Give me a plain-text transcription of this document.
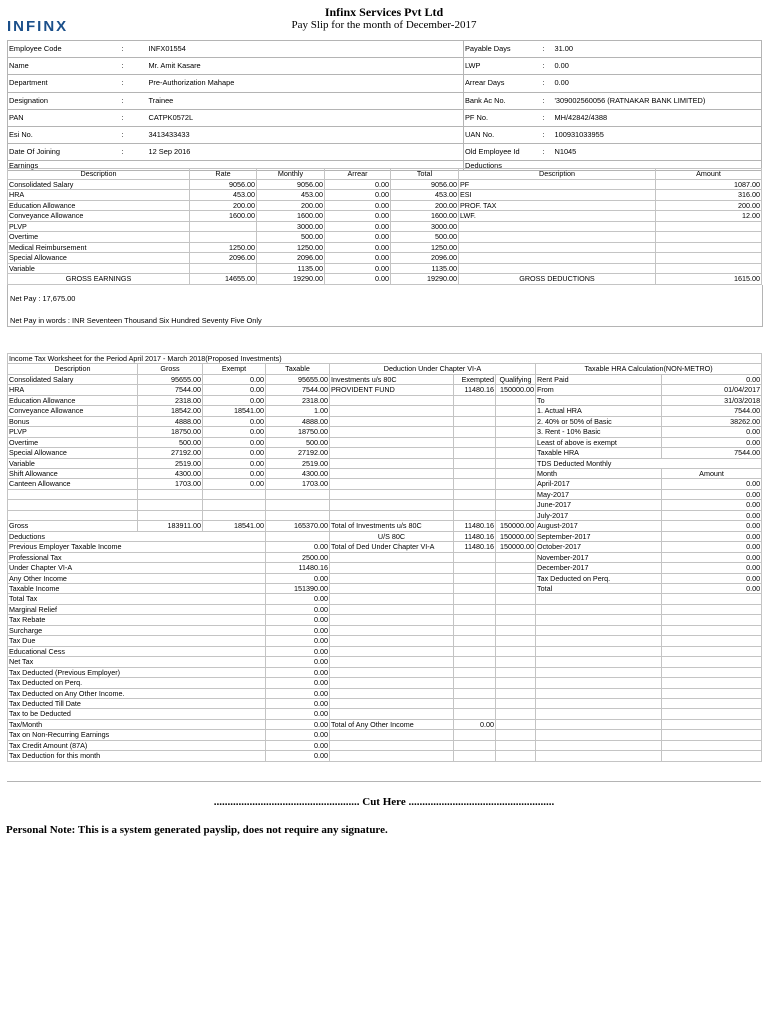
INFINX
Infinx Services Pvt Ltd
Pay Slip for the month of December-2017
Employee Code	:	INFX01554	Payable Days	:	31.00
Name	:	Mr. Amit Kasare	LWP	:	0.00
Department	:	Pre-Authorization Mahape	Arrear Days	:	0.00
Designation	:	Trainee	Bank Ac No.	:	'309002560056 (RATNAKAR BANK LIMITED)
PAN	:	CATPK0572L	PF No.	:	MH/42842/4388
Esi No.	:	3413433433	UAN No.	:	100931033955
Date Of Joining	:	12 Sep 2016	Old Employee Id	:	N1045
Earnings			Deductions		
Description	Rate	Monthly	Arrear	Total	Description	Amount
Consolidated Salary	9056.00	9056.00	0.00	9056.00	PF	1087.00
HRA	453.00	453.00	0.00	453.00	ESI	316.00
Education Allowance	200.00	200.00	0.00	200.00	PROF. TAX	200.00
Conveyance Allowance	1600.00	1600.00	0.00	1600.00	LWF.	12.00
PLVP		3000.00	0.00	3000.00		
Overtime		500.00	0.00	500.00		
Medical Reimbursement	1250.00	1250.00	0.00	1250.00		
Special Allowance	2096.00	2096.00	0.00	2096.00		
Variable		1135.00	0.00	1135.00		
GROSS EARNINGS	14655.00	19290.00	0.00	19290.00	GROSS DEDUCTIONS	1615.00
Net Pay : 17,675.00
Net Pay in words : INR Seventeen Thousand Six Hundred Seventy Five Only
Income Tax Worksheet for the Period April 2017 - March 2018(Proposed Investments)								
Description	Gross	Exempt	Taxable	Deduction Under Chapter VI-A			Taxable HRA Calculation(NON-METRO)	
Consolidated Salary	95655.00	0.00	95655.00	Investments u/s 80C	Exempted	Qualifying	Rent Paid	0.00
HRA	7544.00	0.00	7544.00	PROVIDENT FUND	11480.16	150000.00	From	01/04/2017
Education Allowance	2318.00	0.00	2318.00				To	31/03/2018
Conveyance Allowance	18542.00	18541.00	1.00				1. Actual HRA	7544.00
Bonus	4888.00	0.00	4888.00				2. 40% or 50% of Basic	38262.00
PLVP	18750.00	0.00	18750.00				3. Rent - 10% Basic	0.00
Overtime	500.00	0.00	500.00				Least of above is exempt	0.00
Special Allowance	27192.00	0.00	27192.00				Taxable HRA	7544.00
Variable	2519.00	0.00	2519.00				TDS Deducted Monthly	
Shift Allowance	4300.00	0.00	4300.00				Month	Amount
Canteen Allowance	1703.00	0.00	1703.00				April-2017	0.00
							May-2017	0.00
							June-2017	0.00
							July-2017	0.00
Gross	183911.00	18541.00	165370.00	Total of Investments u/s 80C	11480.16	150000.00	August-2017	0.00
Deductions				U/S 80C	11480.16	150000.00	September-2017	0.00
Previous Employer Taxable Income			0.00	Total of Ded Under Chapter VI-A	11480.16	150000.00	October-2017	0.00
Professional Tax			2500.00				November-2017	0.00
Under Chapter VI-A			11480.16				December-2017	0.00
Any Other Income			0.00				Tax Deducted on Perq.	0.00
Taxable Income			151390.00				Total	0.00
Total Tax			0.00					
Marginal Relief			0.00					
Tax Rebate			0.00					
Surcharge			0.00					
Tax Due			0.00					
Educational Cess			0.00					
Net Tax			0.00					
Tax Deducted (Previous Employer)			0.00					
Tax Deducted on Perq.			0.00					
Tax Deducted on Any Other Income.			0.00					
Tax Deducted Till Date			0.00					
Tax to be Deducted			0.00					
Tax/Month			0.00	Total of Any Other Income	0.00			
Tax on Non-Recurring Earnings			0.00					
Tax Credit Amount (87A)			0.00					
Tax Deduction for this month			0.00					
..................................................... Cut Here .....................................................
Personal Note: This is a system generated payslip, does not require any signature.
